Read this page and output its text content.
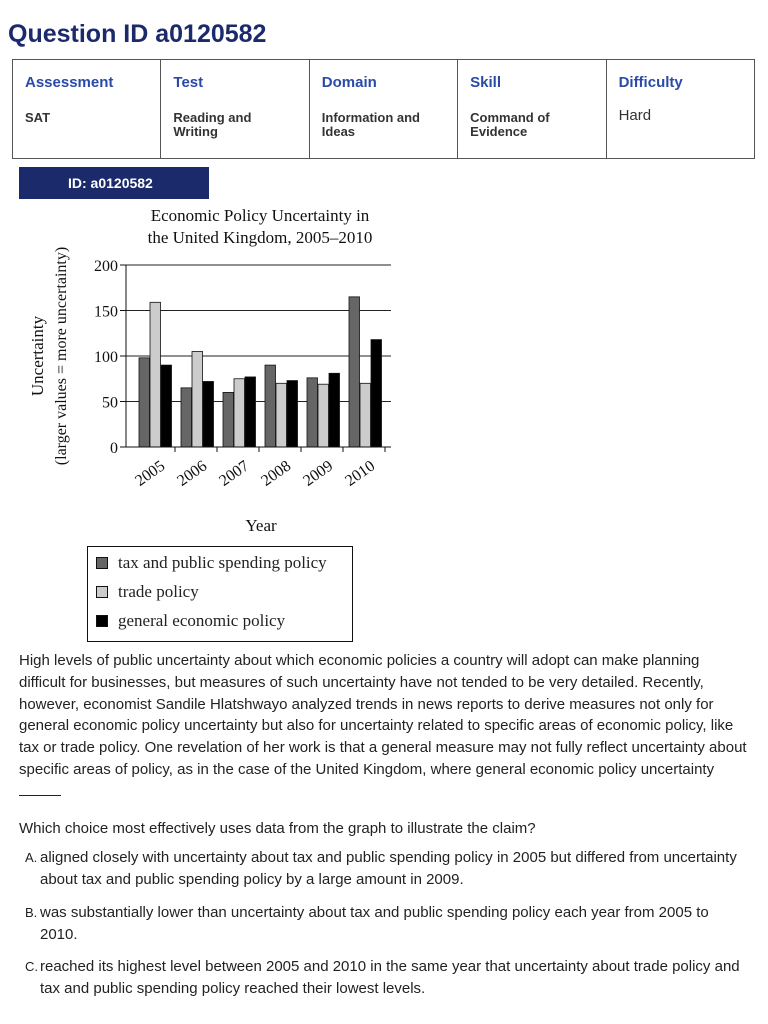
Question ID a0120582
Assessment
SAT

Test
Reading and Writing

Domain
Information and Ideas

Skill
Command of Evidence

Difficulty
Hard
ID: a0120582
Economic Policy Uncertainty in
the United Kingdom, 2005–2010
0
50
100
150
200
2005 2006 2007 2008 2009 2010
Uncertainty (larger values = more uncertainty)
Year
tax and public spending policy
trade policy
general economic policy
High levels of public uncertainty about which economic policies a country will adopt can make planning difficult for businesses, but measures of such uncertainty have not tended to be very detailed. Recently, however, economist Sandile Hlatshwayo analyzed trends in news reports to derive measures not only for general economic policy uncertainty but also for uncertainty related to specific areas of economic policy, like tax or trade policy. One revelation of her work is that a general measure may not fully reflect uncertainty about specific areas of policy, as in the case of the United Kingdom, where general economic policy uncertainty
Which choice most effectively uses data from the graph to illustrate the claim?
A. aligned closely with uncertainty about tax and public spending policy in 2005 but differed from uncertainty about tax and public spending policy by a large amount in 2009.
B. was substantially lower than uncertainty about tax and public spending policy each year from 2005 to 2010.
C. reached its highest level between 2005 and 2010 in the same year that uncertainty about trade policy and tax and public spending policy reached their lowest levels.
